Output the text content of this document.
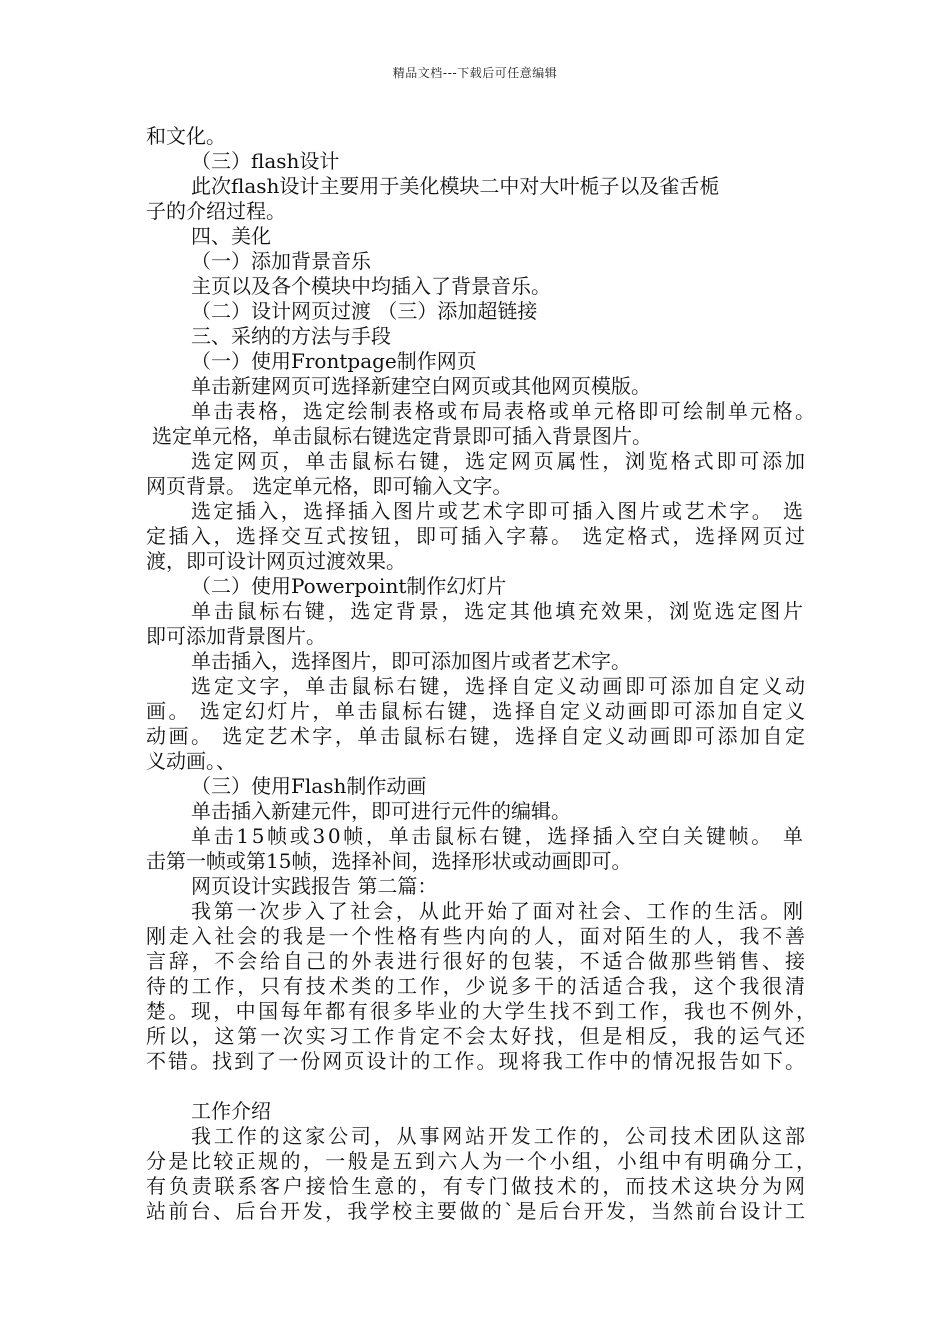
精品文档---下载后可任意编辑
和文化。
（三）flash设计
此次flash设计主要用于美化模块二中对大叶栀子以及雀舌栀
子的介绍过程。
四、美化
（一）添加背景音乐
主页以及各个模块中均插入了背景音乐。
（二）设计网页过渡 （三）添加超链接
三、采纳的方法与手段
（一）使用Frontpage制作网页
单击新建网页可选择新建空白网页或其他网页模版。
单击表格，选定绘制表格或布局表格或单元格即可绘制单元格。
选定单元格，单击鼠标右键选定背景即可插入背景图片。
选定网页，单击鼠标右键，选定网页属性，浏览格式即可添加
网页背景。 选定单元格，即可输入文字。
选定插入，选择插入图片或艺术字即可插入图片或艺术字。 选
定插入，选择交互式按钮，即可插入字幕。 选定格式，选择网页过
渡，即可设计网页过渡效果。
（二）使用Powerpoint制作幻灯片
单击鼠标右键，选定背景，选定其他填充效果，浏览选定图片
即可添加背景图片。
单击插入，选择图片，即可添加图片或者艺术字。
选定文字，单击鼠标右键，选择自定义动画即可添加自定义动
画。 选定幻灯片，单击鼠标右键，选择自定义动画即可添加自定义
动画。 选定艺术字，单击鼠标右键，选择自定义动画即可添加自定
义动画。、
（三）使用Flash制作动画
单击插入新建元件，即可进行元件的编辑。
单击15帧或30帧，单击鼠标右键，选择插入空白关键帧。 单
击第一帧或第15帧，选择补间，选择形状或动画即可。
网页设计实践报告 第二篇：
我第一次步入了社会，从此开始了面对社会、工作的生活。刚
刚走入社会的我是一个性格有些内向的人，面对陌生的人，我不善
言辞，不会给自己的外表进行很好的包装，不适合做那些销售、接
待的工作，只有技术类的工作，少说多干的活适合我，这个我很清
楚。现，中国每年都有很多毕业的大学生找不到工作，我也不例外，
所以，这第一次实习工作肯定不会太好找，但是相反，我的运气还
不错。找到了一份网页设计的工作。现将我工作中的情况报告如下。
工作介绍
我工作的这家公司，从事网站开发工作的，公司技术团队这部
分是比较正规的，一般是五到六人为一个小组，小组中有明确分工，
有负责联系客户接恰生意的，有专门做技术的，而技术这块分为网
站前台、后台开发，我学校主要做的`是后台开发，当然前台设计工
